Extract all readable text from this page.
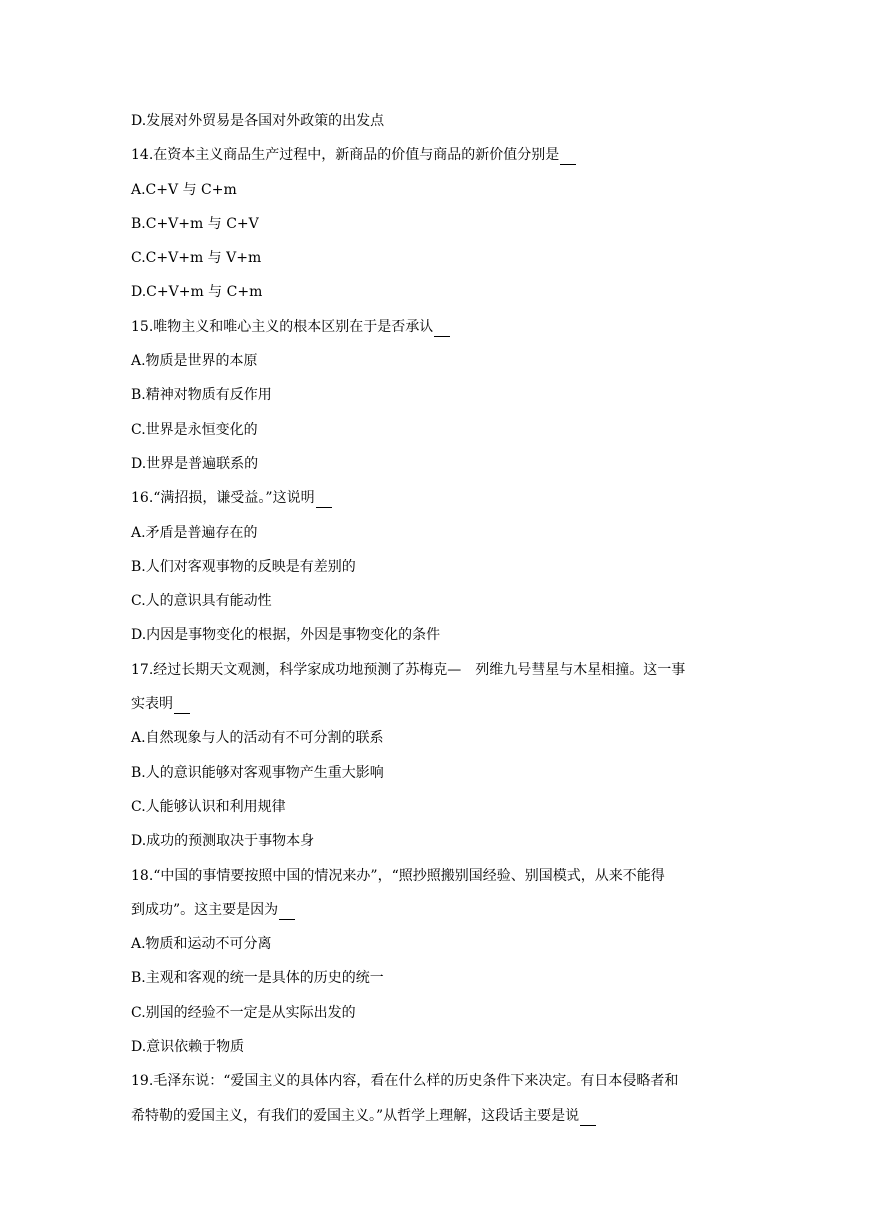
D.发展对外贸易是各国对外政策的出发点
14.在资本主义商品生产过程中，新商品的价值与商品的新价值分别是
A.C+V 与 C+m
B.C+V+m 与 C+V
C.C+V+m 与 V+m
D.C+V+m 与 C+m
15.唯物主义和唯心主义的根本区别在于是否承认
A.物质是世界的本原
B.精神对物质有反作用
C.世界是永恒变化的
D.世界是普遍联系的
16.“满招损，谦受益。”这说明
A.矛盾是普遍存在的
B.人们对客观事物的反映是有差别的
C.人的意识具有能动性
D.内因是事物变化的根据，外因是事物变化的条件
17.经过长期天文观测，科学家成功地预测了苏梅克—　列维九号彗星与木星相撞。这一事
实表明
A.自然现象与人的活动有不可分割的联系
B.人的意识能够对客观事物产生重大影响
C.人能够认识和利用规律
D.成功的预测取决于事物本身
18.“中国的事情要按照中国的情况来办”，“照抄照搬别国经验、别国模式，从来不能得
到成功”。这主要是因为
A.物质和运动不可分离
B.主观和客观的统一是具体的历史的统一
C.别国的经验不一定是从实际出发的
D.意识依赖于物质
19.毛泽东说：“爱国主义的具体内容，看在什么样的历史条件下来决定。有日本侵略者和
希特勒的爱国主义，有我们的爱国主义。”从哲学上理解，这段话主要是说
